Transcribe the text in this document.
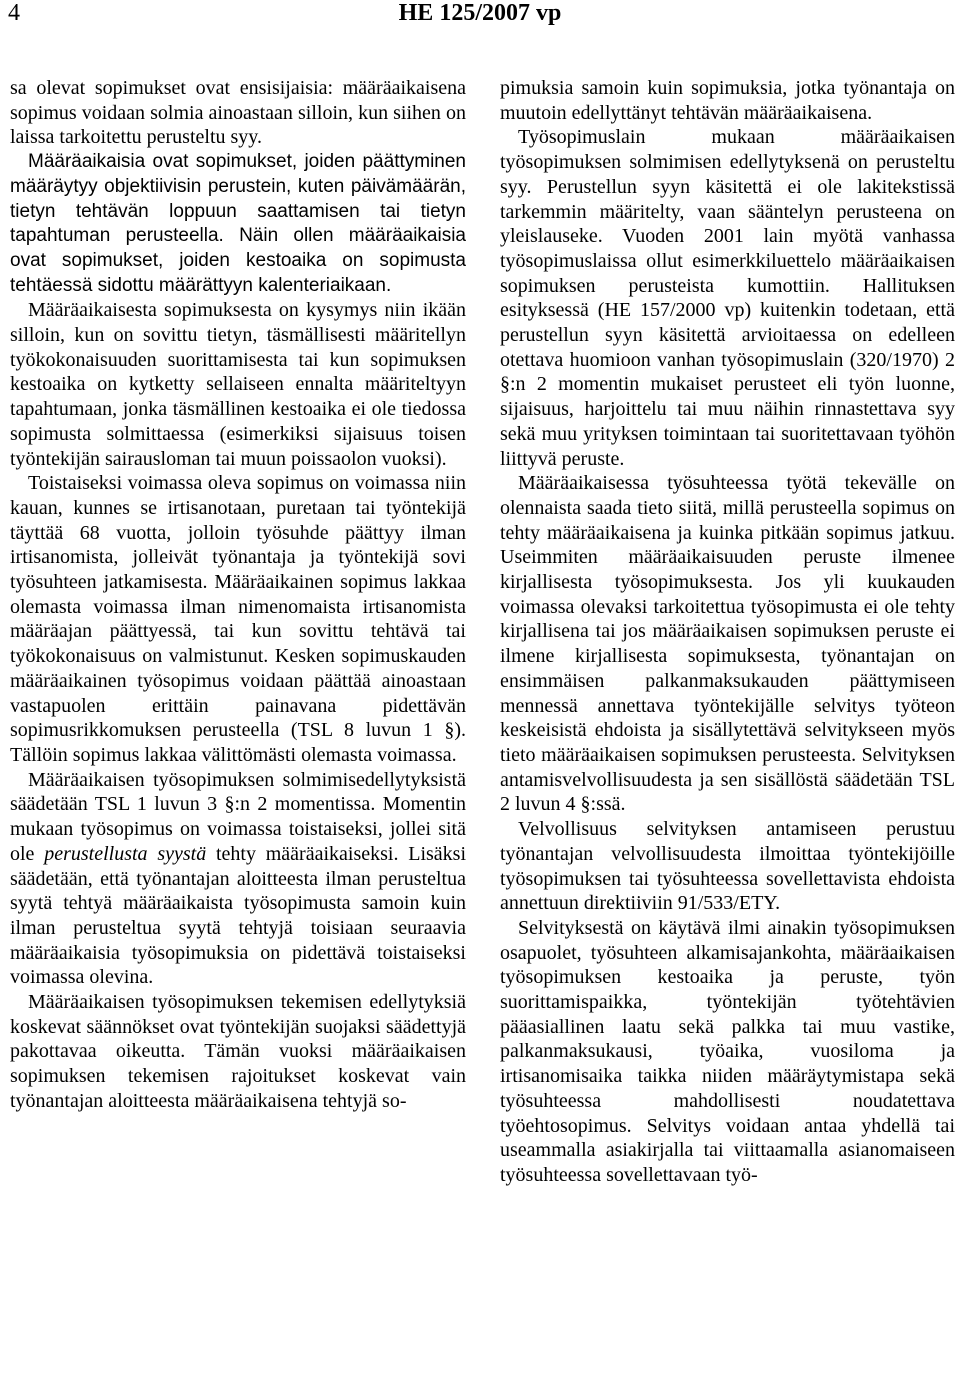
4	HE 125/2007 vp

sa olevat sopimukset ovat ensisijaisia: määräaikaisena sopimus voidaan solmia ainoastaan silloin, kun siihen on laissa tarkoitettu perusteltu syy.

Määräaikaisia ovat sopimukset, joiden päättyminen määräytyy objektiivisin perustein, kuten päivämäärän, tietyn tehtävän loppuun saattamisen tai tietyn tapahtuman perusteella. Näin ollen määräaikaisia ovat sopimukset, joiden kestoaika on sopimusta tehtäessä sidottu määrättyyn kalenteriaikaan.

Määräaikaisesta sopimuksesta on kysymys niin ikään silloin, kun on sovittu tietyn, täsmällisesti määritellyn työkokonaisuuden suorittamisesta tai kun sopimuksen kestoaika on kytketty sellaiseen ennalta määriteltyyn tapahtumaan, jonka täsmällinen kestoaika ei ole tiedossa sopimusta solmittaessa (esimerkiksi sijaisuus toisen työntekijän sairausloman tai muun poissaolon vuoksi).

Toistaiseksi voimassa oleva sopimus on voimassa niin kauan, kunnes se irtisanotaan, puretaan tai työntekijä täyttää 68 vuotta, jolloin työsuhde päättyy ilman irtisanomista, jolleivät työnantaja ja työntekijä sovi työsuhteen jatkamisesta. Määräaikainen sopimus lakkaa olemasta voimassa ilman nimenomaista irtisanomista määräajan päättyessä, tai kun sovittu tehtävä tai työkokonaisuus on valmistunut. Kesken sopimuskauden määräaikainen työsopimus voidaan päättää ainoastaan vastapuolen erittäin painavana pidettävän sopimusrikkomuksen perusteella (TSL 8 luvun 1 §). Tällöin sopimus lakkaa välittömästi olemasta voimassa.

Määräaikaisen työsopimuksen solmimisedellytyksistä säädetään TSL 1 luvun 3 §:n 2 momentissa. Momentin mukaan työsopimus on voimassa toistaiseksi, jollei sitä ole perustellusta syystä tehty määräaikaiseksi. Lisäksi säädetään, että työnantajan aloitteesta ilman perusteltua syytä tehtyä määräaikaista työsopimusta samoin kuin ilman perusteltua syytä tehtyjä toisiaan seuraavia määräaikaisia työsopimuksia on pidettävä toistaiseksi voimassa olevina.

Määräaikaisen työsopimuksen tekemisen edellytyksiä koskevat säännökset ovat työntekijän suojaksi säädettyjä pakottavaa oikeutta. Tämän vuoksi määräaikaisen sopimuksen tekemisen rajoitukset koskevat vain työnantajan aloitteesta määräaikaisena tehtyjä so-

pimuksia samoin kuin sopimuksia, jotka työnantaja on muutoin edellyttänyt tehtävän määräaikaisena.

Työsopimuslain mukaan määräaikaisen työsopimuksen solmimisen edellytyksenä on perusteltu syy. Perustellun syyn käsitettä ei ole lakitekstissä tarkemmin määritelty, vaan sääntelyn perusteena on yleislauseke. Vuoden 2001 lain myötä vanhassa työsopimuslaissa ollut esimerkkiluettelo määräaikaisen sopimuksen perusteista kumottiin. Hallituksen esityksessä (HE 157/2000 vp) kuitenkin todetaan, että perustellun syyn käsitettä arvioitaessa on edelleen otettava huomioon vanhan työsopimuslain (320/1970) 2 §:n 2 momentin mukaiset perusteet eli työn luonne, sijaisuus, harjoittelu tai muu näihin rinnastettava syy sekä muu yrityksen toimintaan tai suoritettavaan työhön liittyvä peruste.

Määräaikaisessa työsuhteessa työtä tekevälle on olennaista saada tieto siitä, millä perusteella sopimus on tehty määräaikaisena ja kuinka pitkään sopimus jatkuu. Useimmiten määräaikaisuuden peruste ilmenee kirjallisesta työsopimuksesta. Jos yli kuukauden voimassa olevaksi tarkoitettua työsopimusta ei ole tehty kirjallisena tai jos määräaikaisen sopimuksen peruste ei ilmene kirjallisesta sopimuksesta, työnantajan on ensimmäisen palkanmaksukauden päättymiseen mennessä annettava työntekijälle selvitys työteon keskeisistä ehdoista ja sisällytettävä selvitykseen myös tieto määräaikaisen sopimuksen perusteesta. Selvityksen antamisvelvollisuudesta ja sen sisällöstä säädetään TSL 2 luvun 4 §:ssä.

Velvollisuus selvityksen antamiseen perustuu työnantajan velvollisuudesta ilmoittaa työntekijöille työsopimuksen tai työsuhteessa sovellettavista ehdoista annettuun direktiiviin 91/533/ETY.

Selvityksestä on käytävä ilmi ainakin työsopimuksen osapuolet, työsuhteen alkamisajankohta, määräaikaisen työsopimuksen kestoaika ja peruste, työn suorittamispaikka, työntekijän työtehtävien pääasiallinen laatu sekä palkka tai muu vastike, palkanmaksukausi, työaika, vuosiloma ja irtisanomisaika taikka niiden määräytymistapa sekä työsuhteessa mahdollisesti noudatettava työehtosopimus. Selvitys voidaan antaa yhdellä tai useammalla asiakirjalla tai viittaamalla asianomaiseen työsuhteessa sovellettavaan työ-
